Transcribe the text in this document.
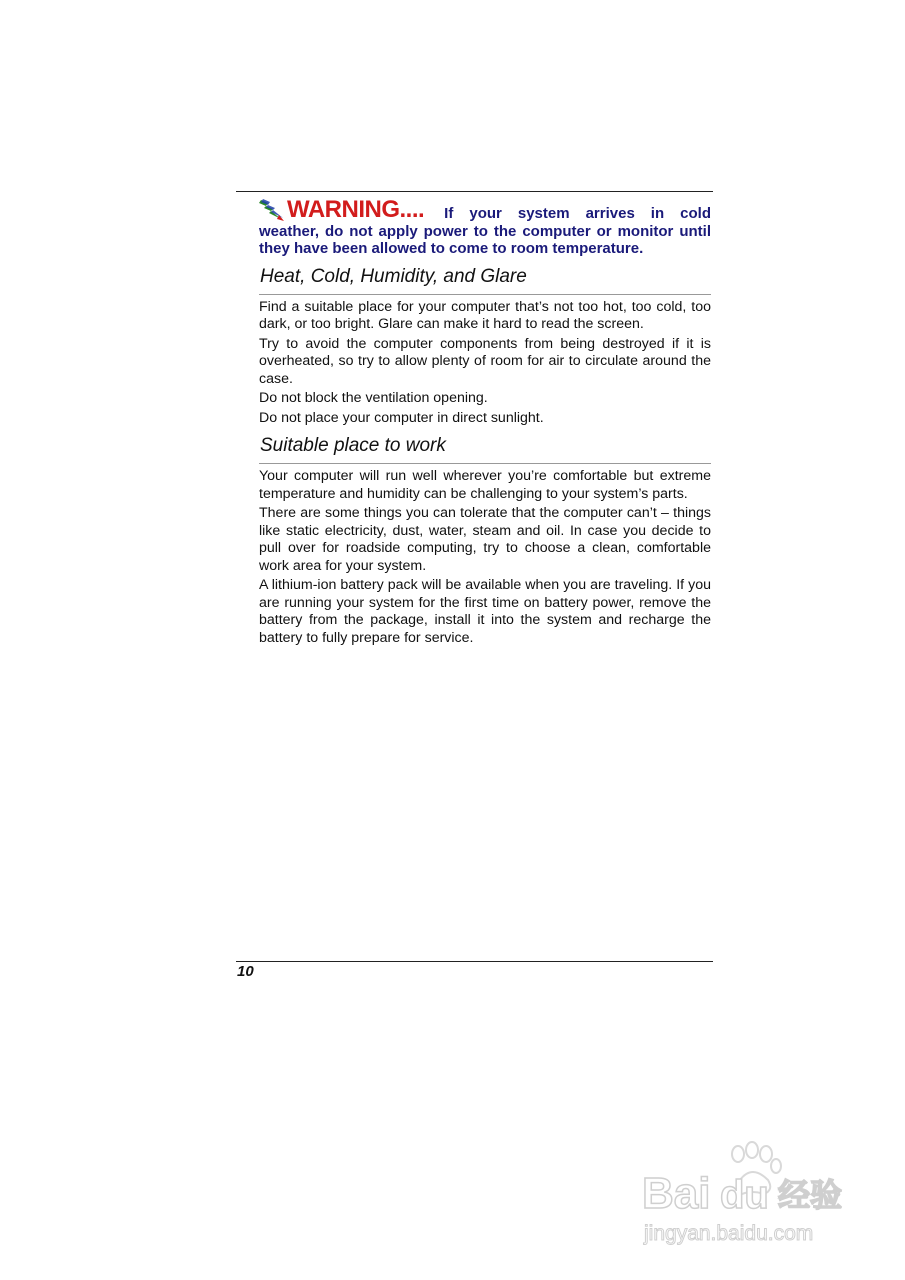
WARNING.... If your system arrives in cold weather, do not apply power to the computer or monitor until they have been allowed to come to room temperature.
Heat, Cold, Humidity, and Glare

Find a suitable place for your computer that’s not too hot, too cold, too dark, or too bright. Glare can make it hard to read the screen.

Try to avoid the computer components from being destroyed if it is overheated, so try to allow plenty of room for air to circulate around the case.

Do not block the ventilation opening.

Do not place your computer in direct sunlight.

Suitable place to work

Your computer will run well wherever you’re comfortable but extreme temperature and humidity can be challenging to your system’s parts.

There are some things you can tolerate that the computer can’t – things like static electricity, dust, water, steam and oil. In case you decide to pull over for roadside computing, try to choose a clean, comfortable work area for your system.

A lithium-ion battery pack will be available when you are traveling. If you are running your system for the first time on battery power, remove the battery from the package, install it into the system and recharge the battery to fully prepare for service.

10
Bai du 经验
jingyan.baidu.com
